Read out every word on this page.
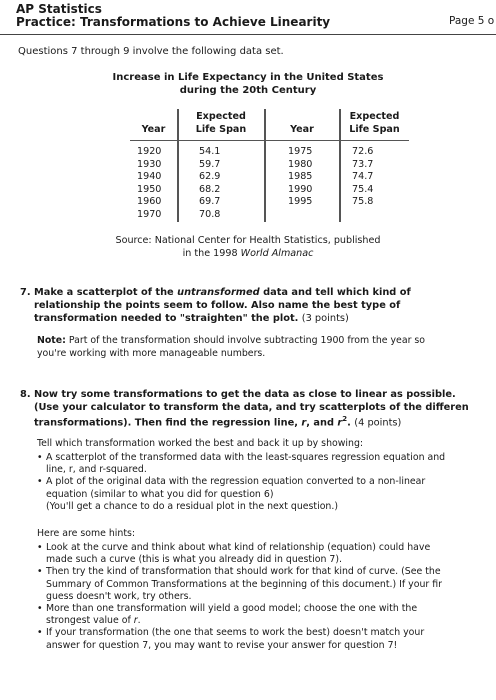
AP Statistics
Practice: Transformations to Achieve Linearity	Page 5 o
Questions 7 through 9 involve the following data set.
Increase in Life Expectancy in the United States
during the 20th Century
Year
Expected
Life Span	Year
Expected
Life Span
1920
1930
1940
1950
1960
1970
54.1
59.7
62.9
68.2
69.7
70.8
1975
1980
1985
1990
1995
72.6
73.7
74.7
75.4
75.8
Source: National Center for Health Statistics, published
in the 1998 World Almanac
7. Make a scatterplot of the untransformed data and tell which kind of
relationship the points seem to follow. Also name the best type of
transformation needed to "straighten" the plot. (3 points)
Note: Part of the transformation should involve subtracting 1900 from the year so
you're working with more manageable numbers.
8. Now try some transformations to get the data as close to linear as possible.
(Use your calculator to transform the data, and try scatterplots of the differen
transformations). Then find the regression line, r, and $r^2$. (4 points)
Tell which transformation worked the best and back it up by showing:
• A scatterplot of the transformed data with the least-squares regression equation and
line, r, and r-squared.
• A plot of the original data with the regression equation converted to a non-linear
equation (similar to what you did for question 6)
(You'll get a chance to do a residual plot in the next question.)
Here are some hints:
• Look at the curve and think about what kind of relationship (equation) could have
made such a curve (this is what you already did in question 7).
• Then try the kind of transformation that should work for that kind of curve. (See the
Summary of Common Transformations at the beginning of this document.) If your fir
guess doesn't work, try others.
• More than one transformation will yield a good model; choose the one with the
strongest value of r.
• If your transformation (the one that seems to work the best) doesn't match your
answer for question 7, you may want to revise your answer for question 7!
